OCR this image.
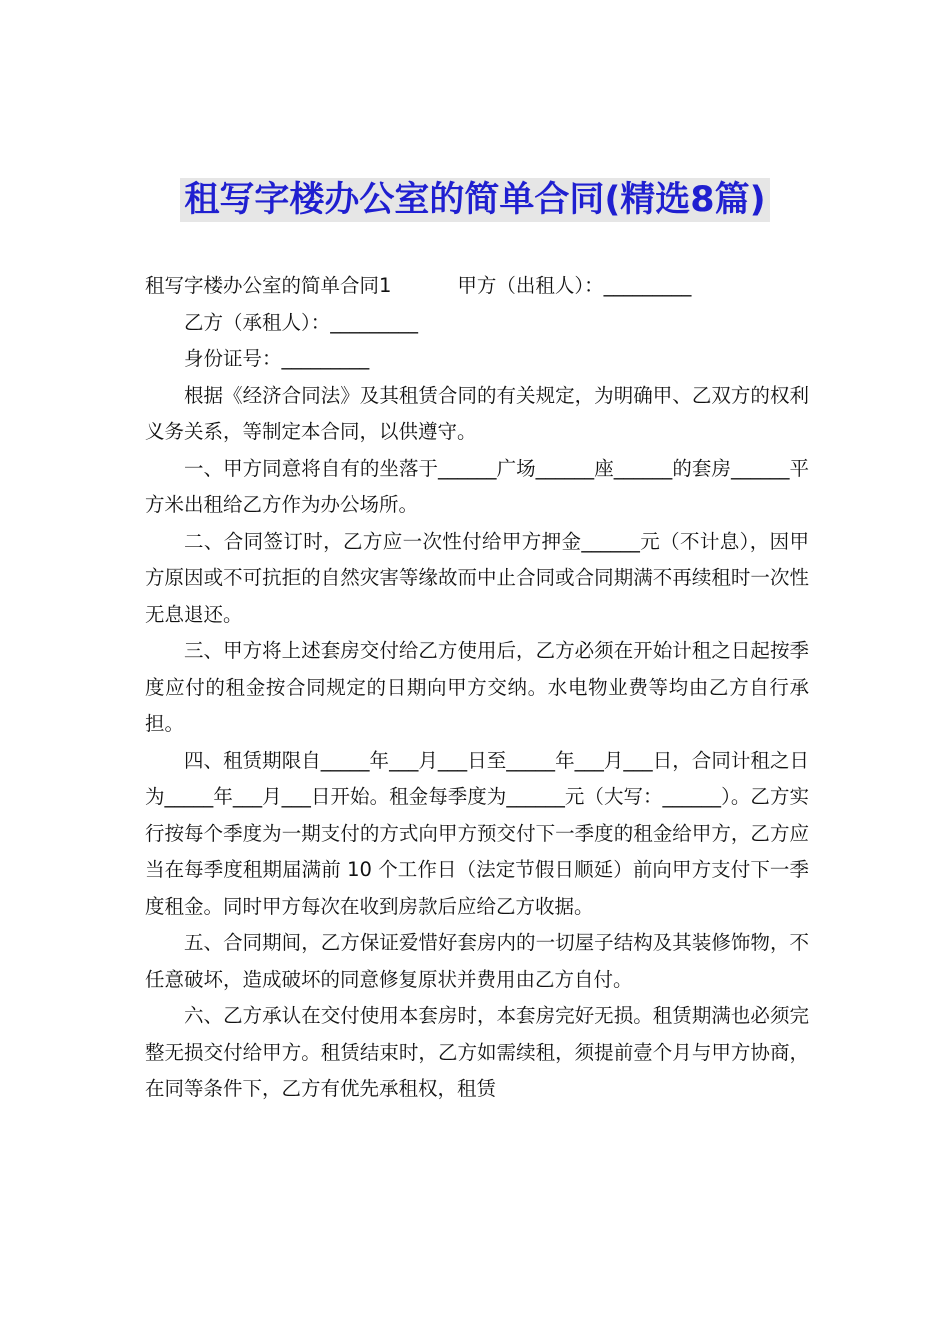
租写字楼办公室的简单合同(精选8篇)
租写字楼办公室的简单合同1	甲方（出租人）：_________
乙方（承租人）：_________
身份证号：_________

根据《经济合同法》及其租赁合同的有关规定，为明确甲、乙双方的权利义务关系，等制定本合同，以供遵守。

一、甲方同意将自有的坐落于______广场______座______的套房______平方米出租给乙方作为办公场所。

二、合同签订时，乙方应一次性付给甲方押金______元（不计息），因甲方原因或不可抗拒的自然灾害等缘故而中止合同或合同期满不再续租时一次性无息退还。

三、甲方将上述套房交付给乙方使用后，乙方必须在开始计租之日起按季度应付的租金按合同规定的日期向甲方交纳。水电物业费等均由乙方自行承担。

四、租赁期限自_____年___月___日至_____年___月___日，合同计租之日为_____年___月___日开始。租金每季度为______元（大写：______）。乙方实行按每个季度为一期支付的方式向甲方预交付下一季度的租金给甲方，乙方应当在每季度租期届满前 10 个工作日（法定节假日顺延）前向甲方支付下一季度租金。同时甲方每次在收到房款后应给乙方收据。

五、合同期间，乙方保证爱惜好套房内的一切屋子结构及其装修饰物，不任意破坏，造成破坏的同意修复原状并费用由乙方自付。

六、乙方承认在交付使用本套房时，本套房完好无损。租赁期满也必须完整无损交付给甲方。租赁结束时，乙方如需续租，须提前壹个月与甲方协商，在同等条件下，乙方有优先承租权，租赁
